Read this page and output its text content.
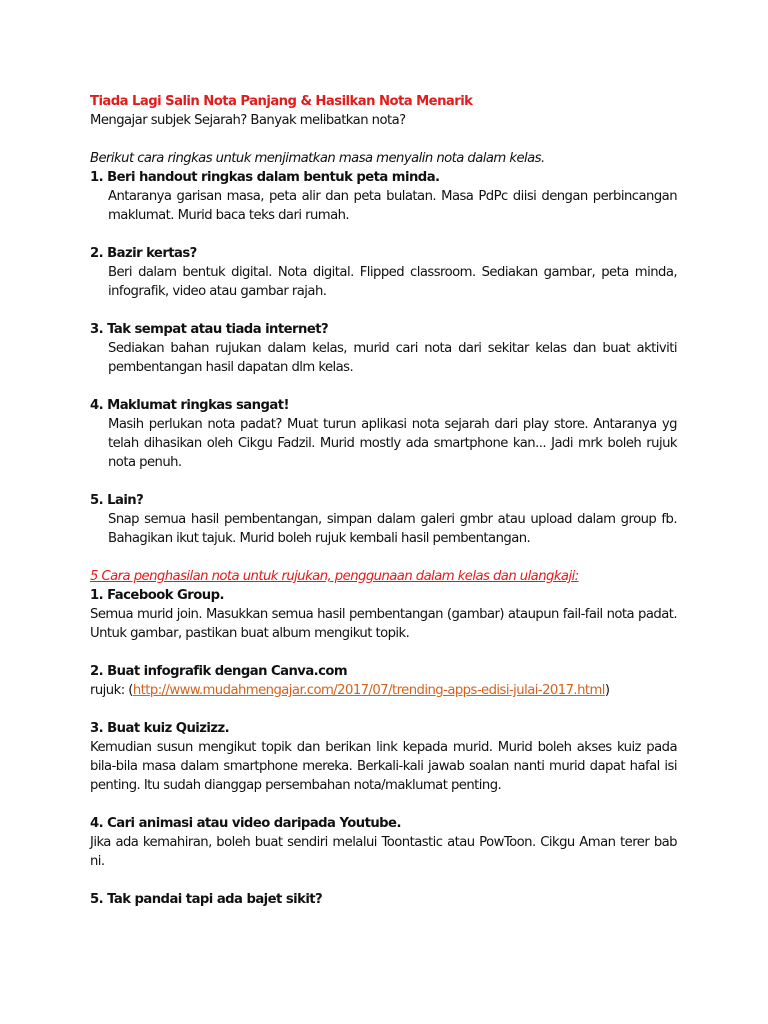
Tiada Lagi Salin Nota Panjang & Hasilkan Nota Menarik

Mengajar subjek Sejarah? Banyak melibatkan nota?

Berikut cara ringkas untuk menjimatkan masa menyalin nota dalam kelas.

1. Beri handout ringkas dalam bentuk peta minda.

Antaranya garisan masa, peta alir dan peta bulatan. Masa PdPc diisi dengan perbincangan maklumat. Murid baca teks dari rumah.

2. Bazir kertas?

Beri dalam bentuk digital. Nota digital. Flipped classroom. Sediakan gambar, peta minda, infografik, video atau gambar rajah.

3. Tak sempat atau tiada internet?

Sediakan bahan rujukan dalam kelas, murid cari nota dari sekitar kelas dan buat aktiviti pembentangan hasil dapatan dlm kelas.

4. Maklumat ringkas sangat!

Masih perlukan nota padat? Muat turun aplikasi nota sejarah dari play store. Antaranya yg telah dihasikan oleh Cikgu Fadzil. Murid mostly ada smartphone kan... Jadi mrk boleh rujuk nota penuh.

5. Lain?

Snap semua hasil pembentangan, simpan dalam galeri gmbr atau upload dalam group fb. Bahagikan ikut tajuk. Murid boleh rujuk kembali hasil pembentangan.

5 Cara penghasilan nota untuk rujukan, penggunaan dalam kelas dan ulangkaji:

1. Facebook Group.

Semua murid join. Masukkan semua hasil pembentangan (gambar) ataupun fail-fail nota padat. Untuk gambar, pastikan buat album mengikut topik.

2. Buat infografik dengan Canva.com

rujuk: (http://www.mudahmengajar.com/2017/07/trending-apps-edisi-julai-2017.html)

3. Buat kuiz Quizizz.

Kemudian susun mengikut topik dan berikan link kepada murid. Murid boleh akses kuiz pada bila-bila masa dalam smartphone mereka. Berkali-kali jawab soalan nanti murid dapat hafal isi penting. Itu sudah dianggap persembahan nota/maklumat penting.

4. Cari animasi atau video daripada Youtube.

Jika ada kemahiran, boleh buat sendiri melalui Toontastic atau PowToon. Cikgu Aman terer bab ni.

5. Tak pandai tapi ada bajet sikit?
